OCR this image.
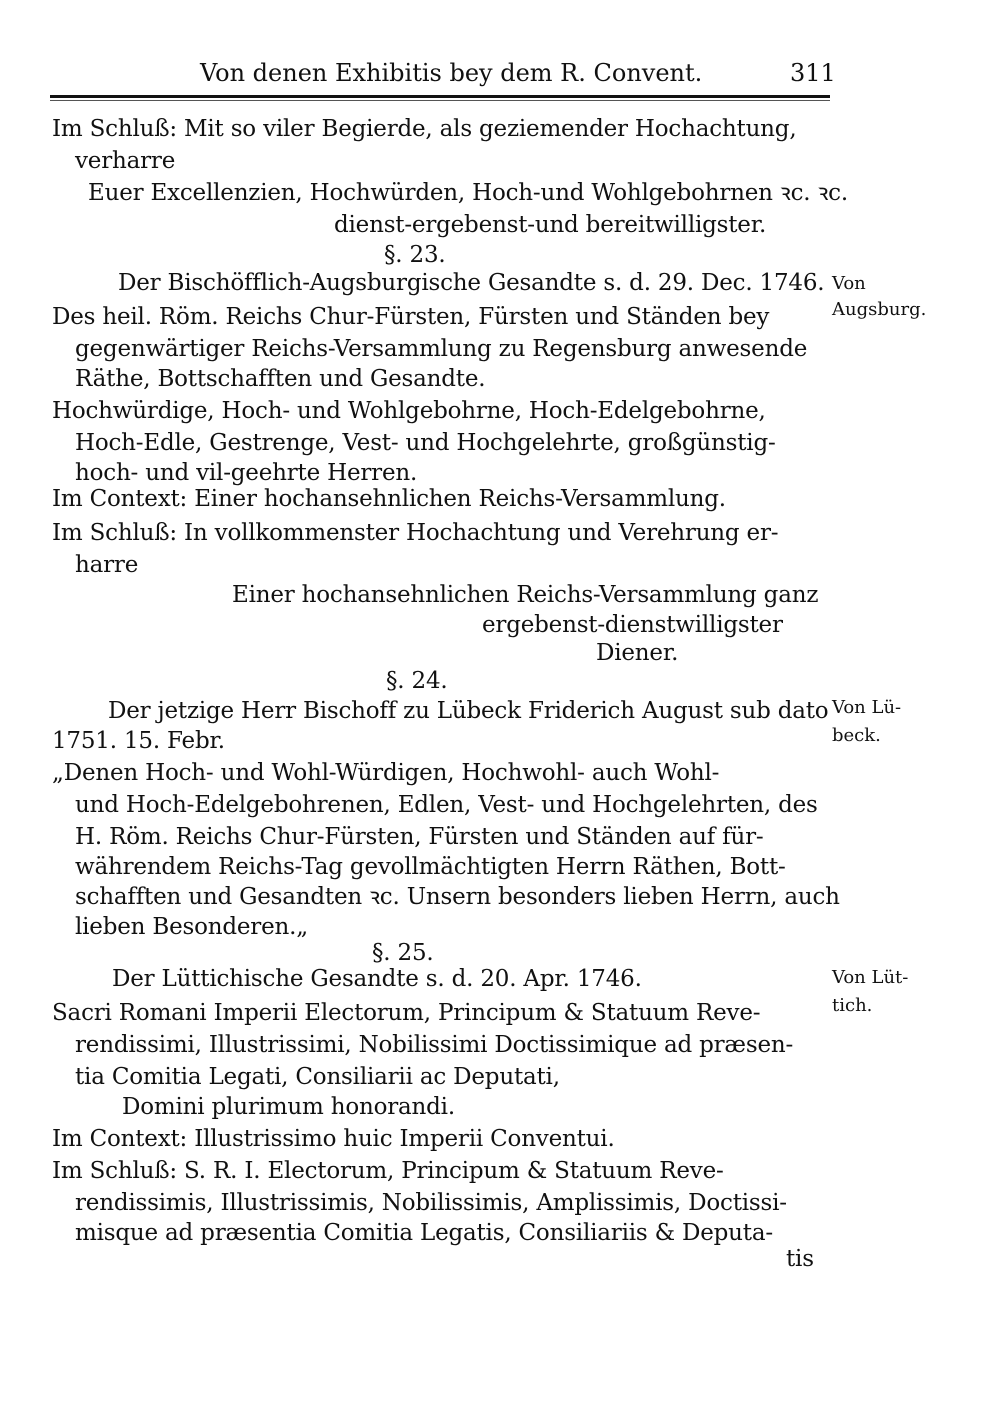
Von denen Exhibitis bey dem R. Convent.	311
Im Schluß: Mit so viler Begierde, als geziemender Hochachtung,
verharre
Euer Excellenzien, Hochwürden, Hoch-und Wohlgebohrnen ꝛc. ꝛc.
dienst-ergebenst-und bereitwilligster.
§. 23.
Der Bischöfflich-Augsburgische Gesandte s. d. 29. Dec. 1746.
Des heil. Röm. Reichs Chur-Fürsten, Fürsten und Ständen bey
gegenwärtiger Reichs-Versammlung zu Regensburg anwesende
Räthe, Bottschafften und Gesandte.
Hochwürdige, Hoch- und Wohlgebohrne, Hoch-Edelgebohrne,
Hoch-Edle, Gestrenge, Vest- und Hochgelehrte, großgünstig-
hoch- und vil-geehrte Herren.
Im Context: Einer hochansehnlichen Reichs-Versammlung.
Im Schluß: In vollkommenster Hochachtung und Verehrung er-
harre
Einer hochansehnlichen Reichs-Versammlung ganz
ergebenst-dienstwilligster
Diener.
§. 24.
Der jetzige Herr Bischoff zu Lübeck Friderich August sub dato
1751. 15. Febr.
„Denen Hoch- und Wohl-Würdigen, Hochwohl- auch Wohl-
und Hoch-Edelgebohrenen, Edlen, Vest- und Hochgelehrten, des
H. Röm. Reichs Chur-Fürsten, Fürsten und Ständen auf für-
währendem Reichs-Tag gevollmächtigten Herrn Räthen, Bott-
schafften und Gesandten ꝛc. Unsern besonders lieben Herrn, auch
lieben Besonderen.„
§. 25.
Der Lüttichische Gesandte s. d. 20. Apr. 1746.
Sacri Romani Imperii Electorum, Principum & Statuum Reve-
rendissimi, Illustrissimi, Nobilissimi Doctissimique ad præsen-
tia Comitia Legati, Consiliarii ac Deputati,
Domini plurimum honorandi.
Im Context: Illustrissimo huic Imperii Conventui.
Im Schluß: S. R. I. Electorum, Principum & Statuum Reve-
rendissimis, Illustrissimis, Nobilissimis, Amplissimis, Doctissi-
misque ad præsentia Comitia Legatis, Consiliariis & Deputa-
tis
Von
Augsburg.
Von Lü-
beck.
Von Lüt-
tich.
